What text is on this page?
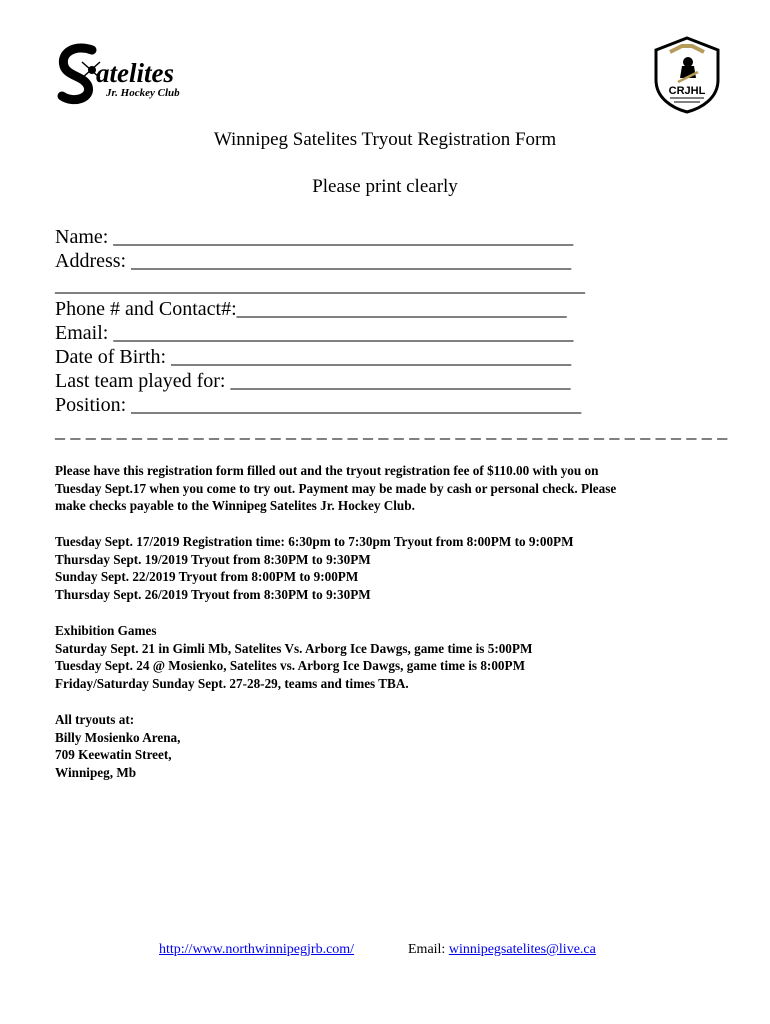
atelites
Jr. Hockey Club	CRJHL
Winnipeg Satelites Tryout Registration Form
Please print clearly
Name: ______________________________________________
Address: ____________________________________________
_____________________________________________________
Phone # and Contact#:_________________________________
Email: ______________________________________________
Date of Birth: ________________________________________
Last team played for: __________________________________
Position: _____________________________________________
_ _ _ _ _ _ _ _ _ _ _ _ _ _ _ _ _ _ _ _ _ _ _ _ _ _ _ _ _ _ _ _ _ _ _ _ _ _ _ _ _ _ _ _
Please have this registration form filled out and the tryout registration fee of $110.00 with you on
Tuesday Sept.17 when you come to try out. Payment may be made by cash or personal check. Please
make checks payable to the Winnipeg Satelites Jr. Hockey Club.
Tuesday Sept. 17/2019 Registration time: 6:30pm to 7:30pm Tryout from 8:00PM to 9:00PM
Thursday Sept. 19/2019 Tryout from 8:30PM to 9:30PM
Sunday Sept. 22/2019 Tryout from 8:00PM to 9:00PM
Thursday Sept. 26/2019 Tryout from 8:30PM to 9:30PM
Exhibition Games
Saturday Sept. 21 in Gimli Mb, Satelites Vs. Arborg Ice Dawgs, game time is 5:00PM
Tuesday Sept. 24 @ Mosienko, Satelites vs. Arborg Ice Dawgs, game time is 8:00PM
Friday/Saturday Sunday Sept. 27-28-29, teams and times TBA.
All tryouts at:
Billy Mosienko Arena,
709 Keewatin Street,
Winnipeg, Mb
http://www.northwinnipegjrb.com/	Email: winnipegsatelites@live.ca
